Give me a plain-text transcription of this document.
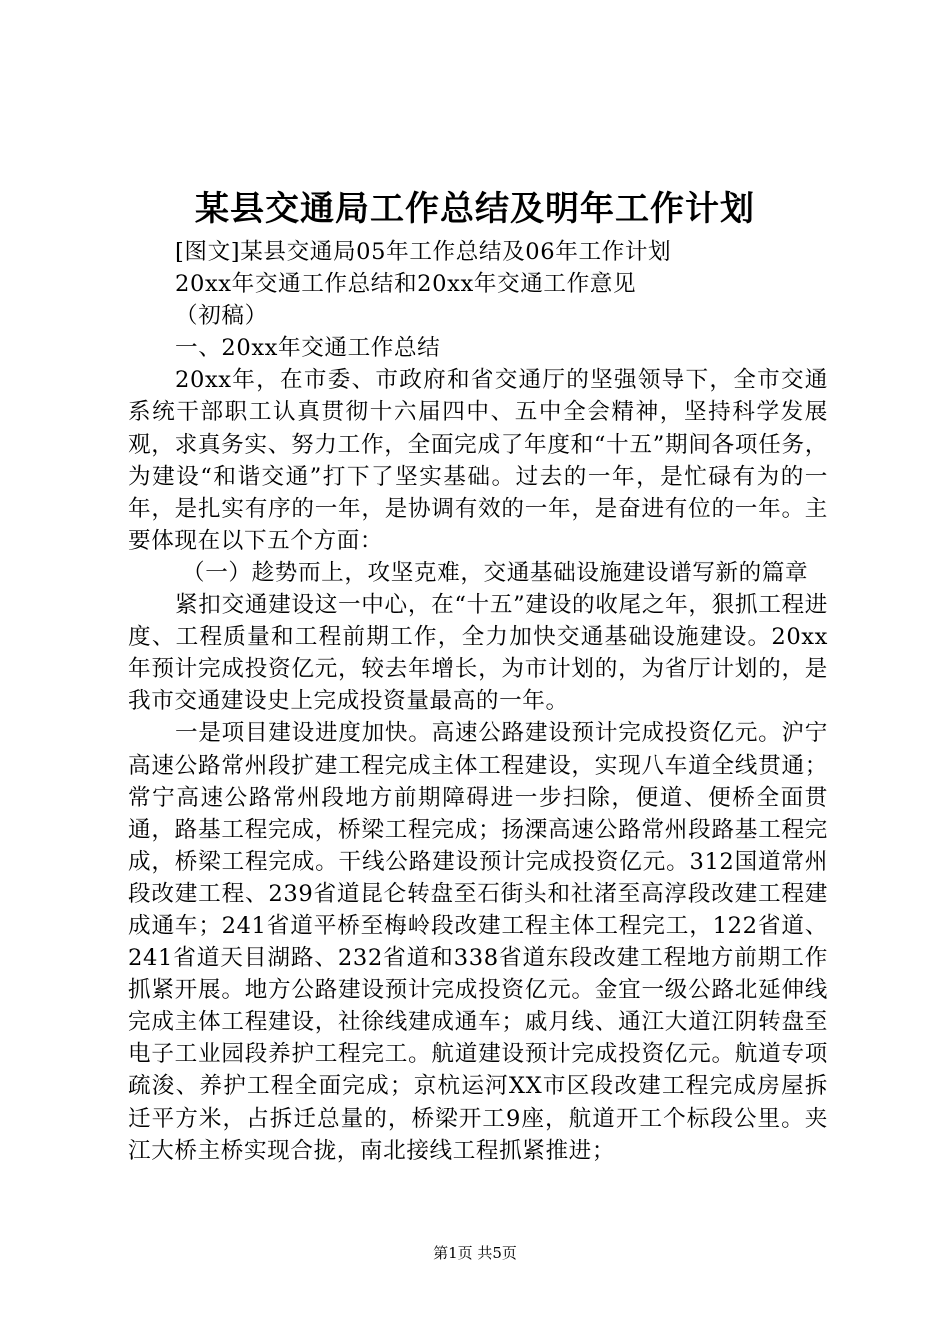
某县交通局工作总结及明年工作计划

[图文]某县交通局05年工作总结及06年工作计划

20xx年交通工作总结和20xx年交通工作意见

（初稿）

一、20xx年交通工作总结

20xx年，在市委、市政府和省交通厅的坚强领导下，全市交通系统干部职工认真贯彻十六届四中、五中全会精神，坚持科学发展观，求真务实、努力工作，全面完成了年度和“十五”期间各项任务，为建设“和谐交通”打下了坚实基础。过去的一年，是忙碌有为的一年，是扎实有序的一年，是协调有效的一年，是奋进有位的一年。主要体现在以下五个方面：

（一）趁势而上，攻坚克难，交通基础设施建设谱写新的篇章

紧扣交通建设这一中心，在“十五”建设的收尾之年，狠抓工程进度、工程质量和工程前期工作，全力加快交通基础设施建设。20xx年预计完成投资亿元，较去年增长，为市计划的，为省厅计划的，是我市交通建设史上完成投资量最高的一年。

一是项目建设进度加快。高速公路建设预计完成投资亿元。沪宁高速公路常州段扩建工程完成主体工程建设，实现八车道全线贯通；常宁高速公路常州段地方前期障碍进一步扫除，便道、便桥全面贯通，路基工程完成，桥梁工程完成；扬溧高速公路常州段路基工程完成，桥梁工程完成。干线公路建设预计完成投资亿元。312国道常州段改建工程、239省道昆仑转盘至石街头和社渚至高淳段改建工程建成通车；241省道平桥至梅岭段改建工程主体工程完工，122省道、241省道天目湖路、232省道和338省道东段改建工程地方前期工作抓紧开展。地方公路建设预计完成投资亿元。金宜一级公路北延伸线完成主体工程建设，社徐线建成通车；戚月线、通江大道江阴转盘至电子工业园段养护工程完工。航道建设预计完成投资亿元。航道专项疏浚、养护工程全面完成；京杭运河XX市区段改建工程完成房屋拆迁平方米，占拆迁总量的，桥梁开工9座，航道开工个标段公里。夹江大桥主桥实现合拢，南北接线工程抓紧推进；

第1页 共5页
